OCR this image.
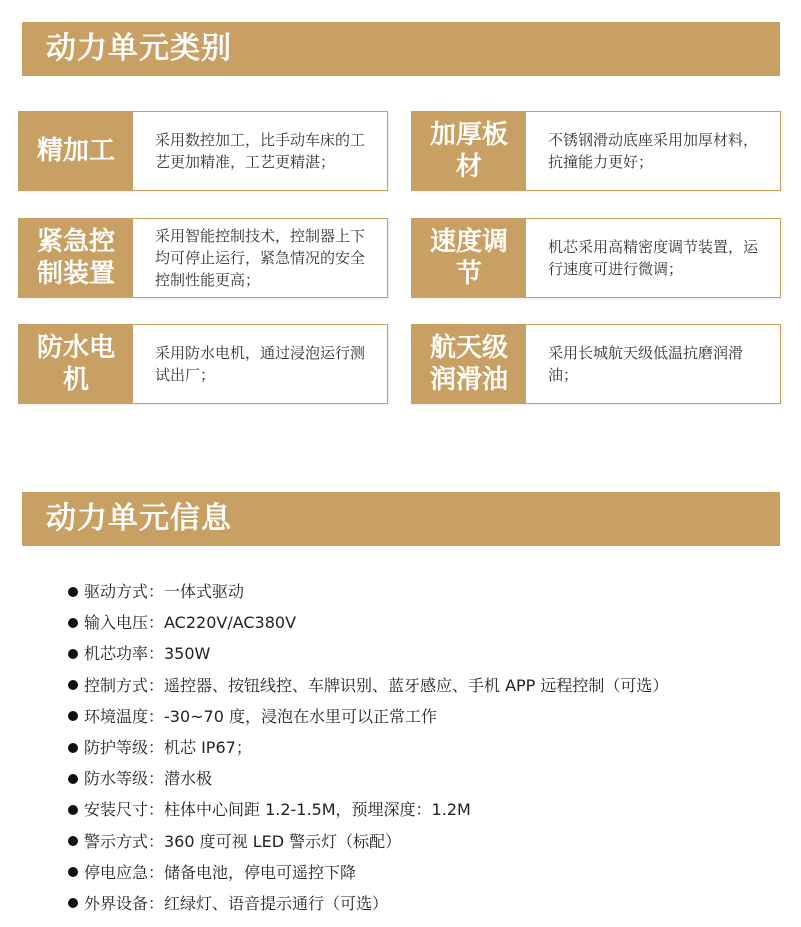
动力单元类别
精加工	采用数控加工，比手动车床的工艺更加精准，工艺更精湛；
加厚板材
不锈钢滑动底座采用加厚材料，抗撞能力更好；
紧急控制装置
采用智能控制技术，控制器上下均可停止运行，紧急情况的安全控制性能更高；
速度调节
机芯采用高精密度调节装置，运行速度可进行微调；
防水电机
采用防水电机，通过浸泡运行测试出厂；
航天级润滑油
采用长城航天级低温抗磨润滑油；
动力单元信息
驱动方式：一体式驱动
输入电压：AC220V/AC380V
机芯功率：350W
控制方式：遥控器、按钮线控、车牌识别、蓝牙感应、手机 APP 远程控制（可选）
环境温度：-30~70 度，浸泡在水里可以正常工作
防护等级：机芯 IP67；
防水等级：潜水极
安装尺寸：柱体中心间距 1.2-1.5M，预埋深度：1.2M
警示方式：360 度可视 LED 警示灯（标配）
停电应急：储备电池，停电可遥控下降
外界设备：红绿灯、语音提示通行（可选）
